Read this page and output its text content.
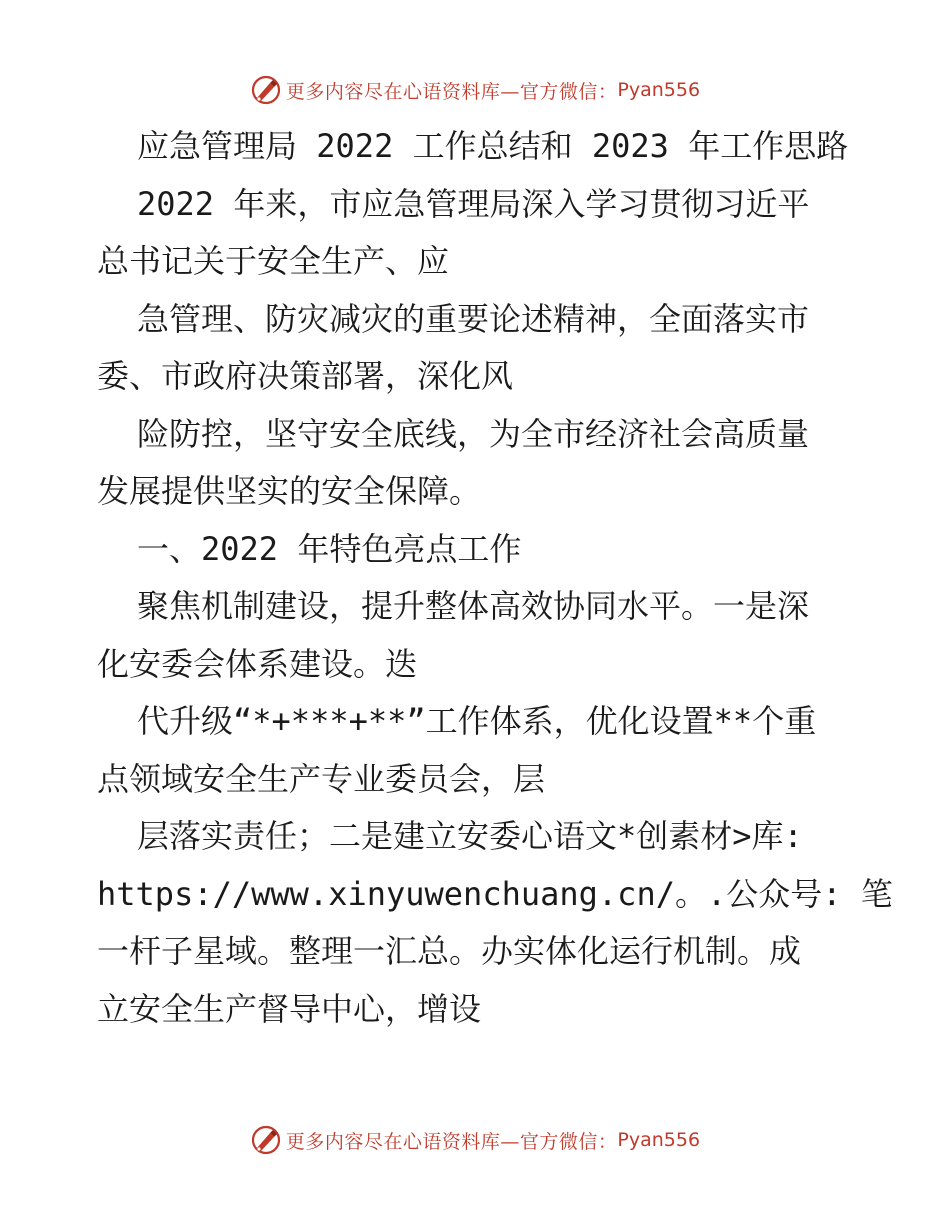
更多内容尽在心语资料库—官方微信： Pyan556

应急管理局 2022 工作总结和 2023 年工作思路

2022 年来，市应急管理局深入学习贯彻习近平

总书记关于安全生产、应

急管理、防灾减灾的重要论述精神，全面落实市

委、市政府决策部署，深化风

险防控，坚守安全底线，为全市经济社会高质量

发展提供坚实的安全保障。

一、2022 年特色亮点工作

聚焦机制建设，提升整体高效协同水平。一是深

化安委会体系建设。迭

代升级“*+***+**”工作体系，优化设置**个重

点领域安全生产专业委员会，层

层落实责任；二是建立安委心语文*创素材>库:

https://www.xinyuwenchuang.cn/。.公众号: 笔

一杆子星域。整理一汇总。办实体化运行机制。成

立安全生产督导中心，增设

更多内容尽在心语资料库—官方微信： Pyan556
